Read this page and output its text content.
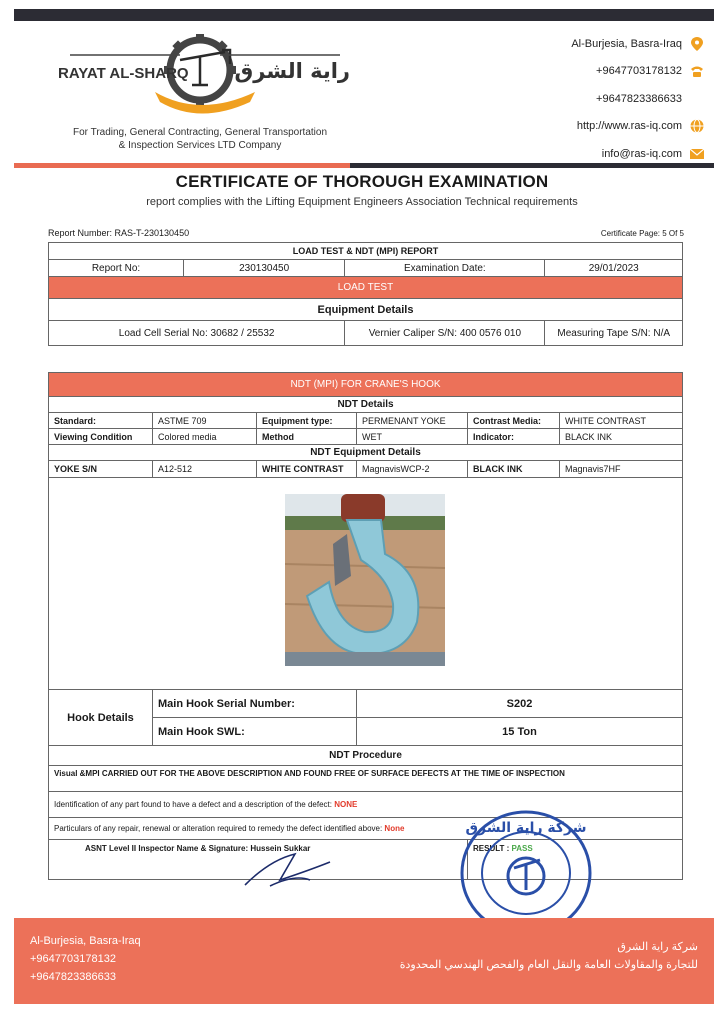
RAYAT AL-SHARQ راية الشرق
For Trading, General Contracting, General Transportation
& Inspection Services LTD Company
Al-Burjesia, Basra-Iraq
+9647703178132
+9647823386633
http://www.ras-iq.com
info@ras-iq.com
CERTIFICATE OF THOROUGH EXAMINATION
report complies with the Lifting Equipment Engineers Association Technical requirements
Report Number: RAS-T-230130450	Certificate Page: 5 Of 5
LOAD TEST & NDT (MPI) REPORT			
Report No:	230130450	Examination Date:	29/01/2023
LOAD TEST			
Equipment Details			
Load Cell Serial No: 30682 / 25532		Vernier Caliper S/N: 400 0576 010	Measuring Tape S/N: N/A
NDT (MPI) FOR CRANE'S HOOK					
NDT Details					
Standard:	ASTME 709	Equipment type:	PERMENANT YOKE	Contrast Media:	WHITE CONTRAST
Viewing Condition	Colored media	Method	WET	Indicator:	BLACK INK
NDT Equipment Details					
YOKE S/N	A12-512	WHITE CONTRAST	MagnavisWCP-2	BLACK INK	Magnavis7HF

Hook Details	Main Hook Serial Number:		S202		
	Main Hook SWL:		15 Ton		
NDT Procedure					
Visual &MPI CARRIED OUT FOR THE ABOVE DESCRIPTION AND FOUND FREE OF SURFACE DEFECTS AT THE TIME OF INSPECTION					
Identification of any part found to have a defect and a description of the defect: NONE					
Particulars of any repair, renewal or alteration required to remedy the defect identified above: None					
ASNT Level II Inspector Name & Signature: Hussein Sukkar				RESULT : PASS	
شركة راية الشرق
Al-Burjesia, Basra-Iraq
+9647703178132
+9647823386633
شركة راية الشرق
للتجارة والمقاولات العامة والنقل العام والفحص الهندسي المحدودة
